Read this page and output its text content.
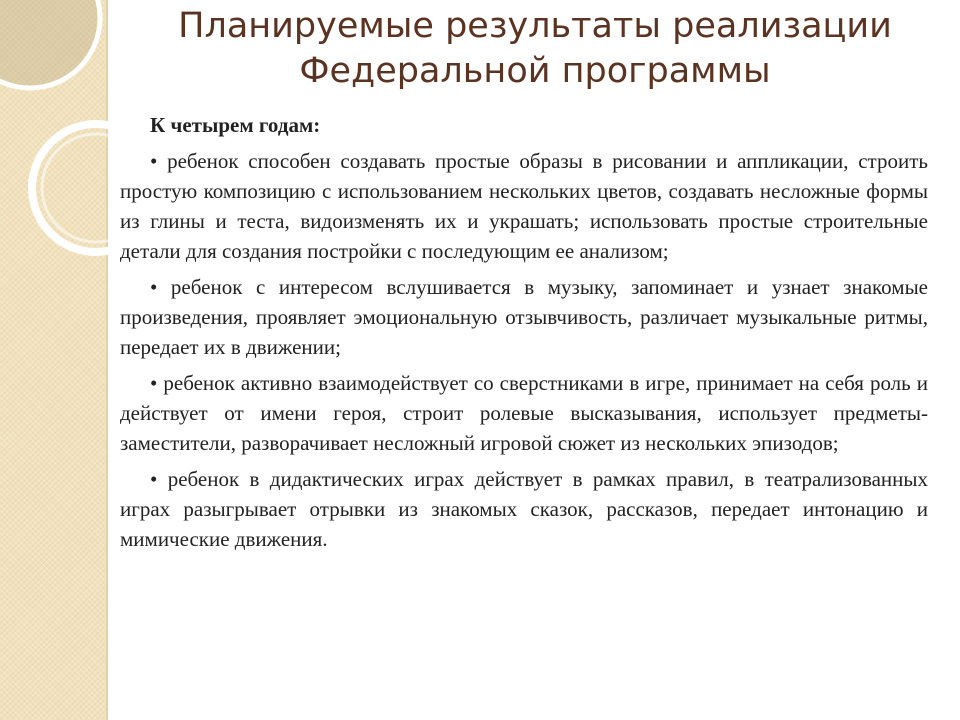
Планируемые результаты реализации Федеральной программы
К четырем годам:

• ребенок способен создавать простые образы в рисовании и аппликации, строить простую композицию с использованием нескольких цветов, создавать несложные формы из глины и теста, видоизменять их и украшать; использовать простые строительные детали для создания постройки с последующим ее анализом;

• ребенок с интересом вслушивается в музыку, запоминает и узнает знакомые произведения, проявляет эмоциональную отзывчивость, различает музыкальные ритмы, передает их в движении;

• ребенок активно взаимодействует со сверстниками в игре, принимает на себя роль и действует от имени героя, строит ролевые высказывания, использует предметы-заместители, разворачивает несложный игровой сюжет из нескольких эпизодов;

• ребенок в дидактических играх действует в рамках правил, в театрализованных играх разыгрывает отрывки из знакомых сказок, рассказов, передает интонацию и мимические движения.
